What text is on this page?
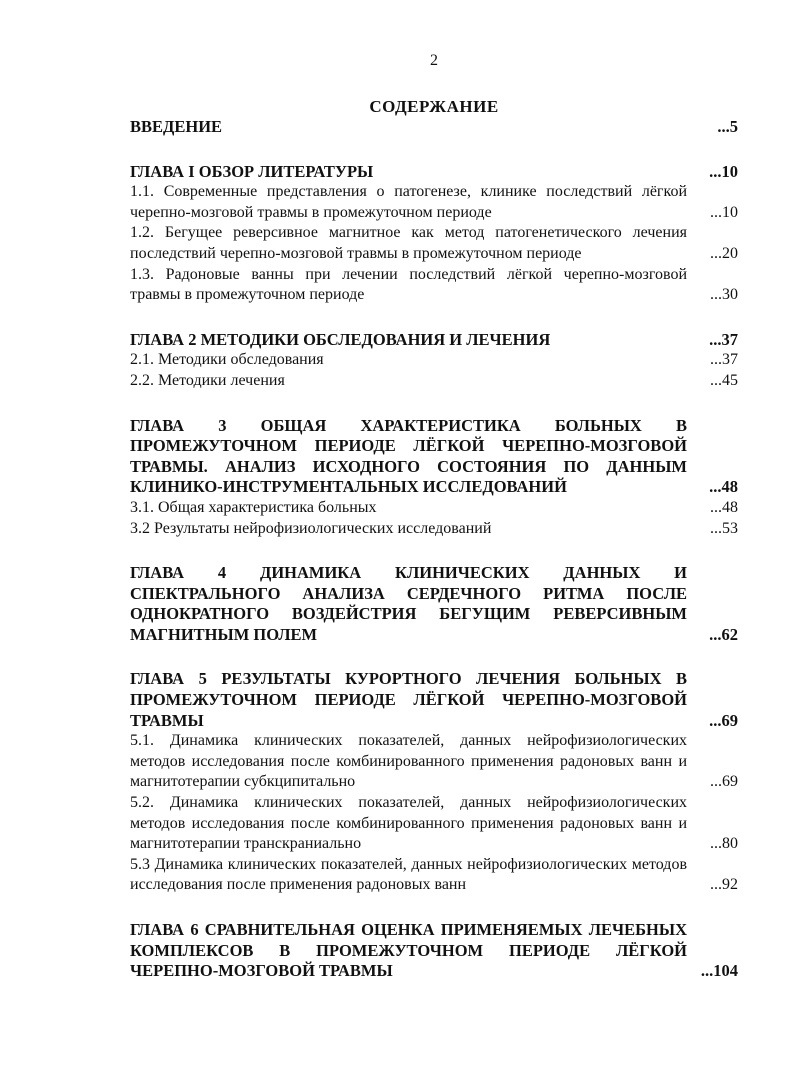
2
СОДЕРЖАНИЕ
ВВЕДЕНИЕ	...5
ГЛАВА I ОБЗОР ЛИТЕРАТУРЫ	...10
1.1. Современные представления о патогенезе, клинике последствий лёгкой черепно-мозговой травмы в промежуточном периоде	...10
1.2. Бегущее реверсивное магнитное как метод патогенетического лечения последствий черепно-мозговой травмы в промежуточном периоде	...20
1.3. Радоновые ванны при лечении последствий лёгкой черепно-мозговой травмы в промежуточном периоде	...30
ГЛАВА 2 МЕТОДИКИ ОБСЛЕДОВАНИЯ И ЛЕЧЕНИЯ	...37
2.1. Методики обследования	...37
2.2. Методики лечения	...45
ГЛАВА 3 ОБЩАЯ ХАРАКТЕРИСТИКА БОЛЬНЫХ В ПРОМЕЖУТОЧНОМ ПЕРИОДЕ ЛЁГКОЙ ЧЕРЕПНО-МОЗГОВОЙ ТРАВМЫ. АНАЛИЗ ИСХОДНОГО СОСТОЯНИЯ ПО ДАННЫМ КЛИНИКО-ИНСТРУМЕНТАЛЬНЫХ ИССЛЕДОВАНИЙ	...48
3.1. Общая характеристика больных	...48
3.2 Результаты нейрофизиологических исследований	...53
ГЛАВА 4 ДИНАМИКА КЛИНИЧЕСКИХ ДАННЫХ И СПЕКТРАЛЬНОГО АНАЛИЗА СЕРДЕЧНОГО РИТМА ПОСЛЕ ОДНОКРАТНОГО ВОЗДЕЙСТРИЯ БЕГУЩИМ РЕВЕРСИВНЫМ МАГНИТНЫМ ПОЛЕМ	...62
ГЛАВА 5 РЕЗУЛЬТАТЫ КУРОРТНОГО ЛЕЧЕНИЯ БОЛЬНЫХ В ПРОМЕЖУТОЧНОМ ПЕРИОДЕ ЛЁГКОЙ ЧЕРЕПНО-МОЗГОВОЙ ТРАВМЫ	...69
5.1. Динамика клинических показателей, данных нейрофизиологических методов исследования после комбинированного применения радоновых ванн и магнитотерапии субкципитально	...69
5.2. Динамика клинических показателей, данных нейрофизиологических методов исследования после комбинированного применения радоновых ванн и магнитотерапии транскраниально	...80
5.3 Динамика клинических показателей, данных нейрофизиологических методов исследования после применения радоновых ванн	...92
ГЛАВА 6 СРАВНИТЕЛЬНАЯ ОЦЕНКА ПРИМЕНЯЕМЫХ ЛЕЧЕБНЫХ КОМПЛЕКСОВ В ПРОМЕЖУТОЧНОМ ПЕРИОДЕ ЛЁГКОЙ ЧЕРЕПНО-МОЗГОВОЙ ТРАВМЫ	...104
